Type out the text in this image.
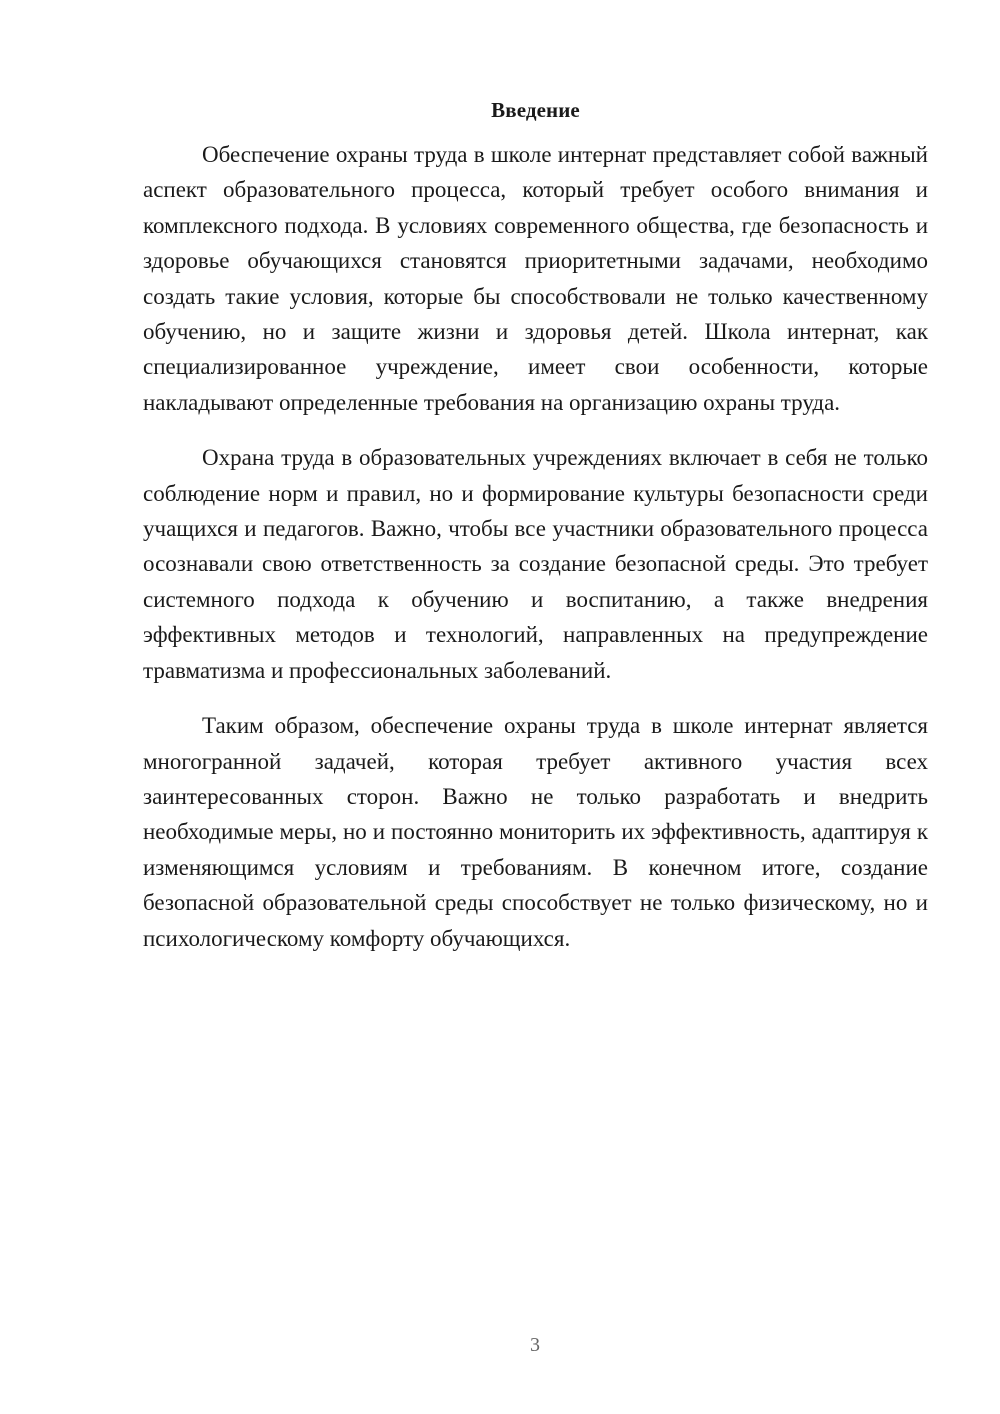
Введение

Обеспечение охраны труда в школе интернат представляет собой важный аспект образовательного процесса, который требует особого внимания и комплексного подхода. В условиях современного общества, где безопасность и здоровье обучающихся становятся приоритетными задачами, необходимо создать такие условия, которые бы способствовали не только качественному обучению, но и защите жизни и здоровья детей. Школа интернат, как специализированное учреждение, имеет свои особенности, которые накладывают определенные требования на организацию охраны труда.

Охрана труда в образовательных учреждениях включает в себя не только соблюдение норм и правил, но и формирование культуры безопасности среди учащихся и педагогов. Важно, чтобы все участники образовательного процесса осознавали свою ответственность за создание безопасной среды. Это требует системного подхода к обучению и воспитанию, а также внедрения эффективных методов и технологий, направленных на предупреждение травматизма и профессиональных заболеваний.

Таким образом, обеспечение охраны труда в школе интернат является многогранной задачей, которая требует активного участия всех заинтересованных сторон. Важно не только разработать и внедрить необходимые меры, но и постоянно мониторить их эффективность, адаптируя к изменяющимся условиям и требованиям. В конечном итоге, создание безопасной образовательной среды способствует не только физическому, но и психологическому комфорту обучающихся.

3
